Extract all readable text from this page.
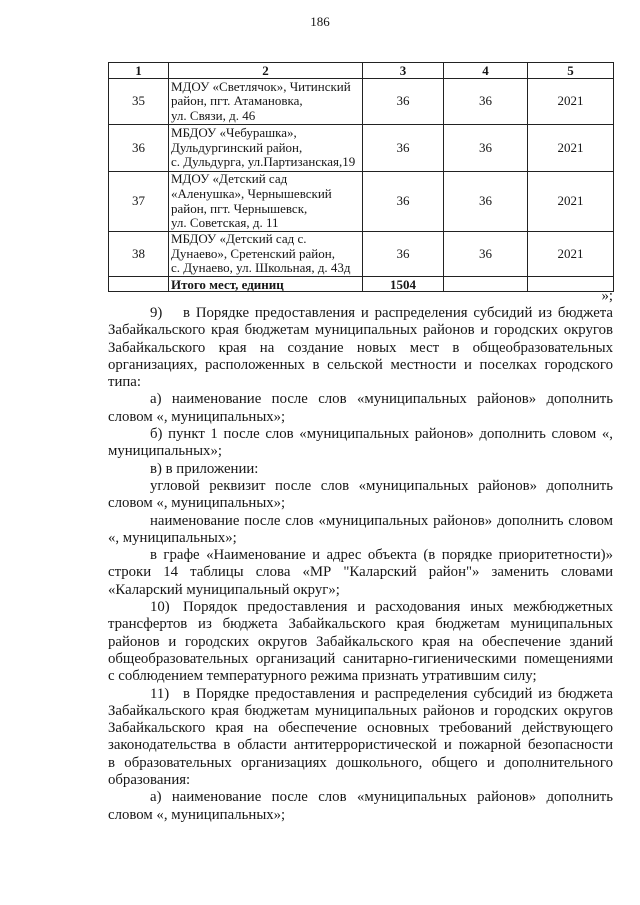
186
1	2	3	4	5
35	МДОУ «Светлячок», Читинский
район, пгт. Атамановка,
ул. Связи, д. 46	36	36	2021
36	МБДОУ «Чебурашка»,
Дульдургинский район,
с. Дульдурга, ул.Партизанская,19	36	36	2021
37	МДОУ «Детский сад
«Аленушка», Чернышевский
район, пгт. Чернышевск,
ул. Советская, д. 11	36	36	2021
38	МБДОУ «Детский сад с.
Дунаево», Сретенский район,
с. Дунаево, ул. Школьная, д. 43д	36	36	2021
	Итого мест, единиц	1504		
»;
9) в Порядке предоставления и распределения субсидий из бюджета
Забайкальского края бюджетам муниципальных районов и городских округов
Забайкальского края на создание новых мест в общеобразовательных
организациях, расположенных в сельской местности и поселках городского
типа:
а) наименование после слов «муниципальных районов» дополнить
словом «, муниципальных»;
б) пункт 1 после слов «муниципальных районов» дополнить словом «,
муниципальных»;
в) в приложении:
угловой реквизит после слов «муниципальных районов» дополнить
словом «, муниципальных»;
наименование после слов «муниципальных районов» дополнить словом
«, муниципальных»;
в графе «Наименование и адрес объекта (в порядке приоритетности)»
строки 14 таблицы слова «МР "Каларский район"» заменить словами
«Каларский муниципальный округ»;
10) Порядок предоставления и расходования иных межбюджетных
трансфертов из бюджета Забайкальского края бюджетам муниципальных
районов и городских округов Забайкальского края на обеспечение зданий
общеобразовательных организаций санитарно-гигиеническими помещениями
с соблюдением температурного режима признать утратившим силу;
11) в Порядке предоставления и распределения субсидий из бюджета
Забайкальского края бюджетам муниципальных районов и городских округов
Забайкальского края на обеспечение основных требований действующего
законодательства в области антитеррористической и пожарной безопасности
в образовательных организациях дошкольного, общего и дополнительного
образования:
а) наименование после слов «муниципальных районов» дополнить
словом «, муниципальных»;
